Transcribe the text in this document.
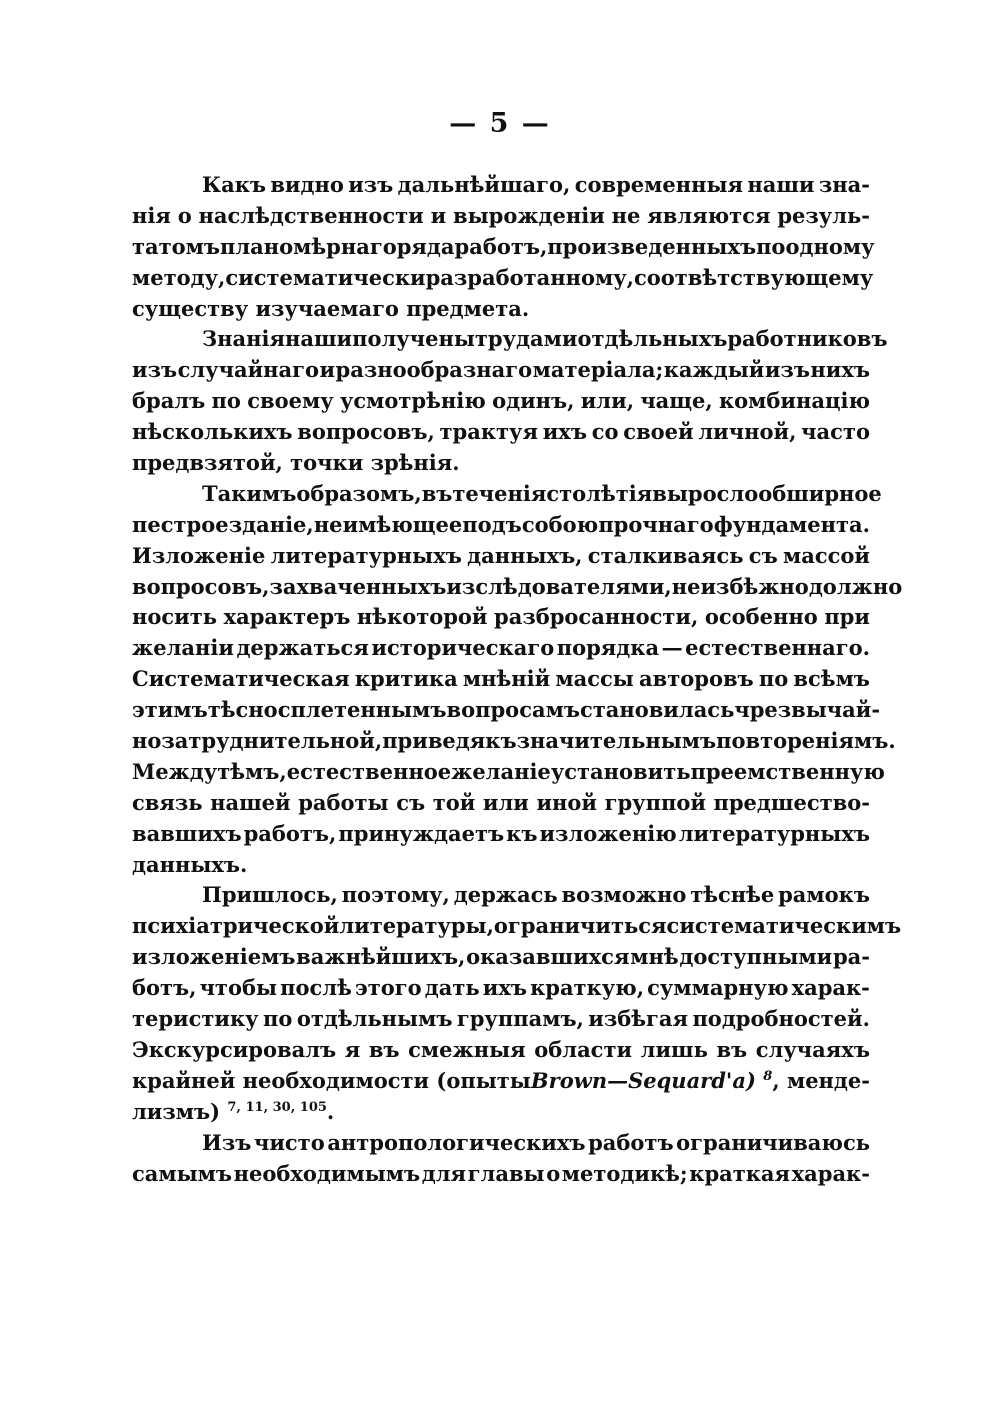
— 5 —
Какъ видно изъ дальнѣйшаго, современныя наши зна-
нія о наслѣдственности и вырожденіи не являются резуль-
татомъ планомѣрнаго ряда работъ, произведенныхъ по одному
методу, систематически разработанному, соотвѣтствующему
существу изучаемаго предмета.
Знанія наши получены трудами отдѣльныхъ работниковъ
изъ случайнаго и разнообразнаго матеріала; каждый изъ нихъ
бралъ по своему усмотрѣнію одинъ, или, чаще, комбинацію
нѣсколькихъ вопросовъ, трактуя ихъ со своей личной, часто
предвзятой, точки зрѣнія.
Такимъ образомъ, въ теченія столѣтія выросло обширное
пестрое зданіе, не имѣющее подъ собою прочнаго фундамента.
Изложеніе литературныхъ данныхъ, сталкиваясь съ массой
вопросовъ, захваченныхъ изслѣдователями, неизбѣжно должно
носить характеръ нѣкоторой разбросанности, особенно при
желаніи держаться историческаго порядка — естественнаго.
Систематическая критика мнѣній массы авторовъ по всѣмъ
этимъ тѣсно сплетеннымъ вопросамъ становилась чрезвычай-
но затруднительной, приведя къ значительнымъ повтореніямъ.
Между тѣмъ, естественное желаніе установить преемственную
связь нашей работы съ той или иной группой предшество-
вавшихъ работъ, принуждаетъ къ изложенію литературныхъ
данныхъ.
Пришлось, поэтому, держась возможно тѣснѣе рамокъ
психіатрической литературы, ограничиться систематическимъ
изложеніемъ важнѣйшихъ, оказавшихся мнѣ доступными ра-
ботъ, чтобы послѣ этого дать ихъ краткую, суммарную харак-
теристику по отдѣльнымъ группамъ, избѣгая подробностей.
Экскурсировалъ я въ смежныя области лишь въ случаяхъ
крайней необходимости (опыты Brown—Sequard'a) $^8$ , менде-
лизмъ) $^{7, 11, 30, 105}$.
Изъ чисто антропологическихъ работъ ограничиваюсь
самымъ необходимымъ для главы о методикѣ; краткая харак-
